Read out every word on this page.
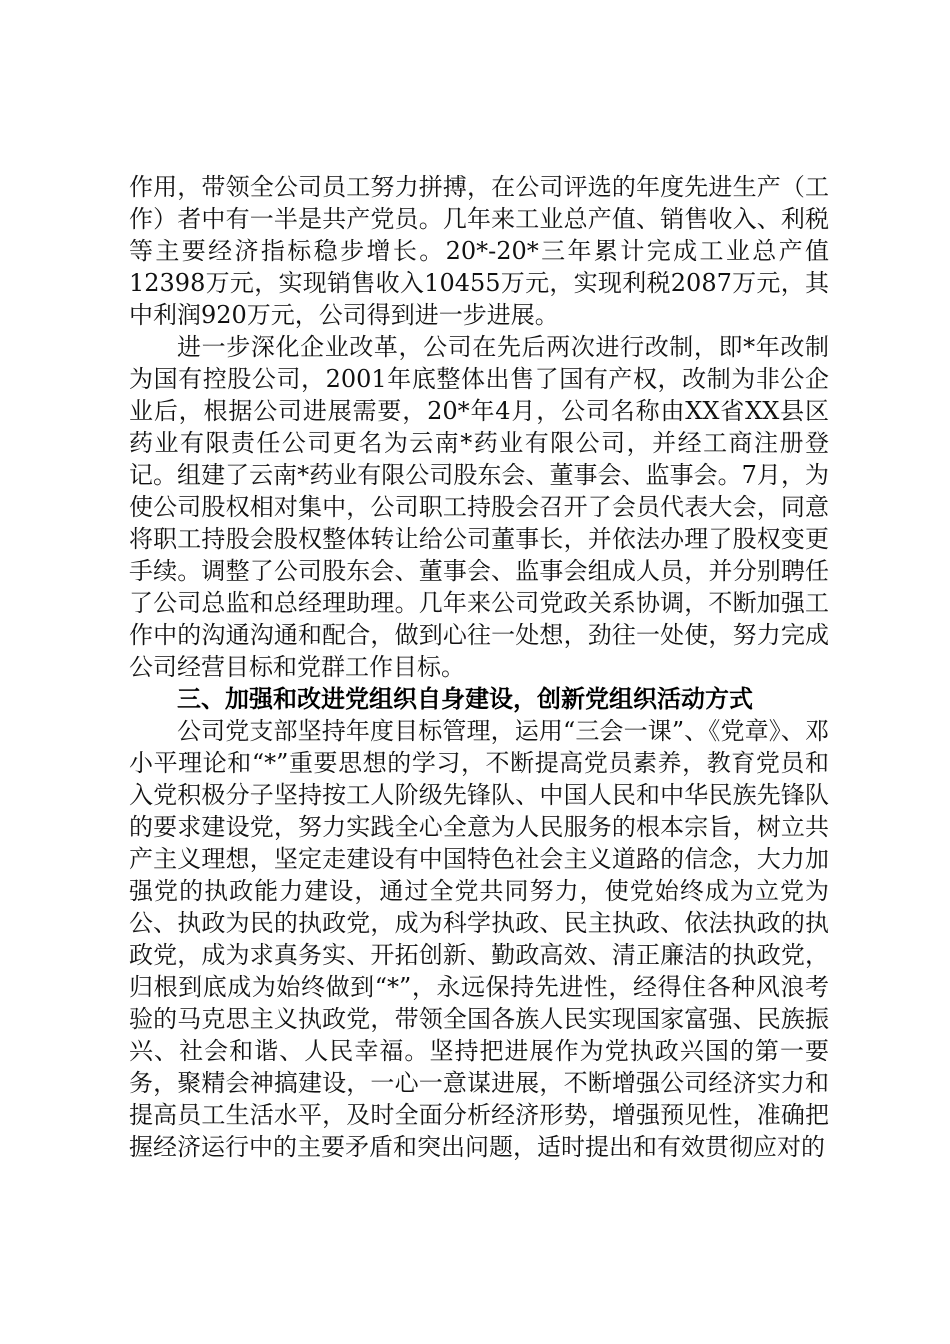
作用，带领全公司员工努力拼搏，在公司评选的年度先进生产（工作）者中有一半是共产党员。几年来工业总产值、销售收入、利税等主要经济指标稳步增长。20*-20*三年累计完成工业总产值12398万元，实现销售收入10455万元，实现利税2087万元，其中利润920万元，公司得到进一步进展。

进一步深化企业改革，公司在先后两次进行改制，即*年改制为国有控股公司，2001年底整体出售了国有产权，改制为非公企业后，根据公司进展需要，20*年4月，公司名称由XX省XX县区药业有限责任公司更名为云南*药业有限公司，并经工商注册登记。组建了云南*药业有限公司股东会、董事会、监事会。7月，为使公司股权相对集中，公司职工持股会召开了会员代表大会，同意将职工持股会股权整体转让给公司董事长，并依法办理了股权变更手续。调整了公司股东会、董事会、监事会组成人员，并分别聘任了公司总监和总经理助理。几年来公司党政关系协调，不断加强工作中的沟通沟通和配合，做到心往一处想，劲往一处使，努力完成公司经营目标和党群工作目标。

三、加强和改进党组织自身建设，创新党组织活动方式

公司党支部坚持年度目标管理，运用“三会一课”、《党章》、邓小平理论和“*”重要思想的学习，不断提高党员素养，教育党员和入党积极分子坚持按工人阶级先锋队、中国人民和中华民族先锋队的要求建设党，努力实践全心全意为人民服务的根本宗旨，树立共产主义理想，坚定走建设有中国特色社会主义道路的信念，大力加强党的执政能力建设，通过全党共同努力，使党始终成为立党为公、执政为民的执政党，成为科学执政、民主执政、依法执政的执政党，成为求真务实、开拓创新、勤政高效、清正廉洁的执政党，归根到底成为始终做到“*”，永远保持先进性，经得住各种风浪考验的马克思主义执政党，带领全国各族人民实现国家富强、民族振兴、社会和谐、人民幸福。坚持把进展作为党执政兴国的第一要务，聚精会神搞建设，一心一意谋进展，不断增强公司经济实力和提高员工生活水平，及时全面分析经济形势，增强预见性，准确把握经济运行中的主要矛盾和突出问题，适时提出和有效贯彻应对的
